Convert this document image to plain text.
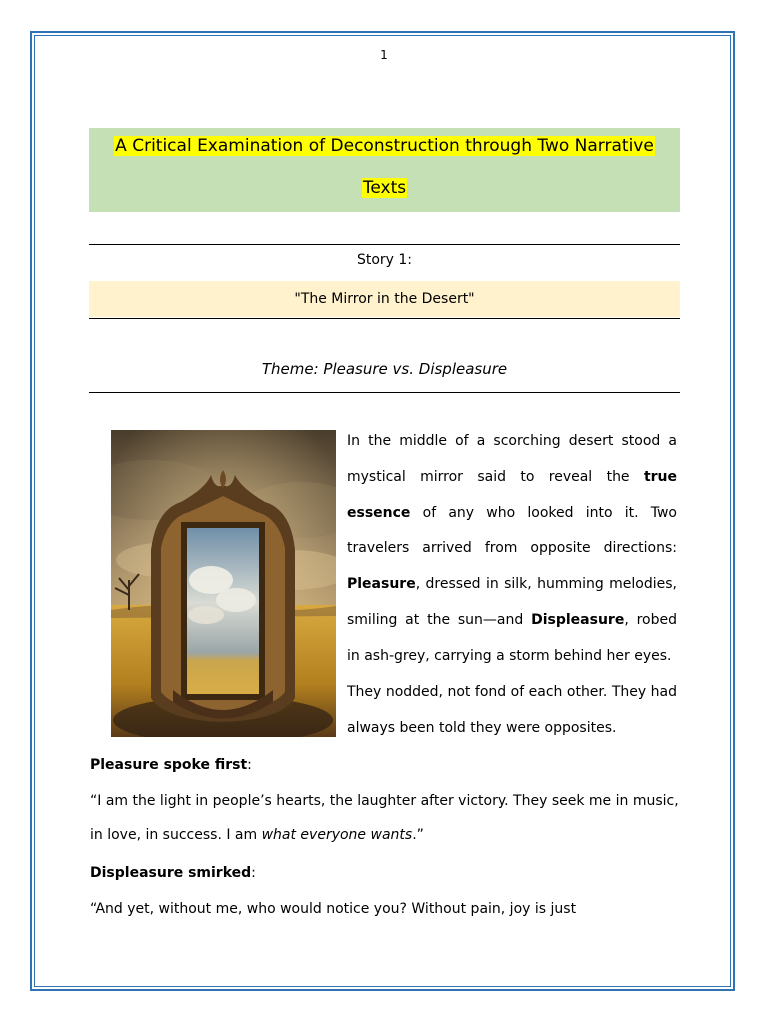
1
A Critical Examination of Deconstruction through Two Narrative
Texts
Story 1:
"The Mirror in the Desert"
Theme: Pleasure vs. Displeasure

In the middle of a scorching desert stood a mystical mirror said to reveal the true essence of any who looked into it. Two travelers arrived from opposite directions: Pleasure, dressed in silk, humming melodies, smiling at the sun—and Displeasure, robed in ash-grey, carrying a storm behind her eyes.

They nodded, not fond of each other. They had always been told they were opposites.

Pleasure spoke first:

“I am the light in people’s hearts, the laughter after victory. They seek me in music, in love, in success. I am what everyone wants.”

Displeasure smirked:

“And yet, without me, who would notice you? Without pain, joy is just
